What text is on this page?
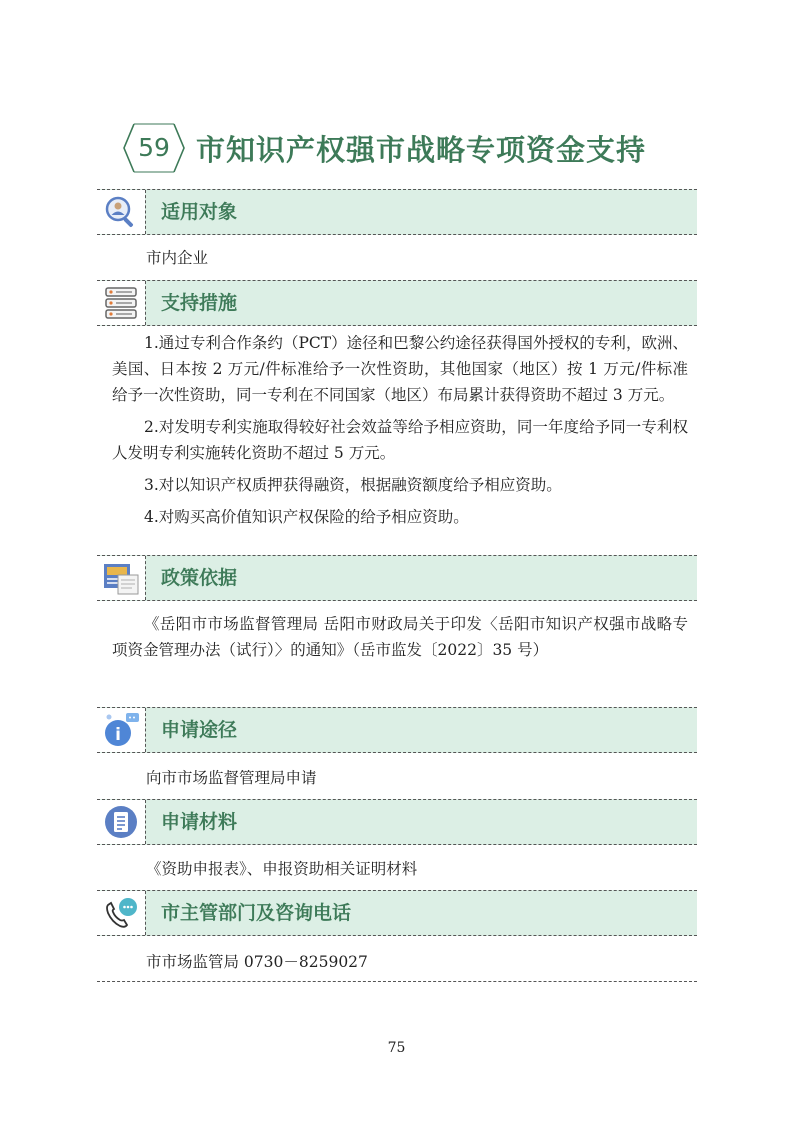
59 市知识产权强市战略专项资金支持
适用对象
市内企业
支持措施

1.通过专利合作条约（PCT）途径和巴黎公约途径获得国外授权的专利，欧洲、美国、日本按 2 万元/件标准给予一次性资助，其他国家（地区）按 1 万元/件标准给予一次性资助，同一专利在不同国家（地区）布局累计获得资助不超过 3 万元。

2.对发明专利实施取得较好社会效益等给予相应资助，同一年度给予同一专利权人发明专利实施转化资助不超过 5 万元。

3.对以知识产权质押获得融资，根据融资额度给予相应资助。

4.对购买高价值知识产权保险的给予相应资助。

政策依据

《岳阳市市场监督管理局 岳阳市财政局关于印发〈岳阳市知识产权强市战略专项资金管理办法（试行）〉的通知》（岳市监发〔2022〕35 号）

i 申请途径
向市市场监督管理局申请
申请材料
《资助申报表》、申报资助相关证明材料
市主管部门及咨询电话
市市场监管局 0730－8259027
75
